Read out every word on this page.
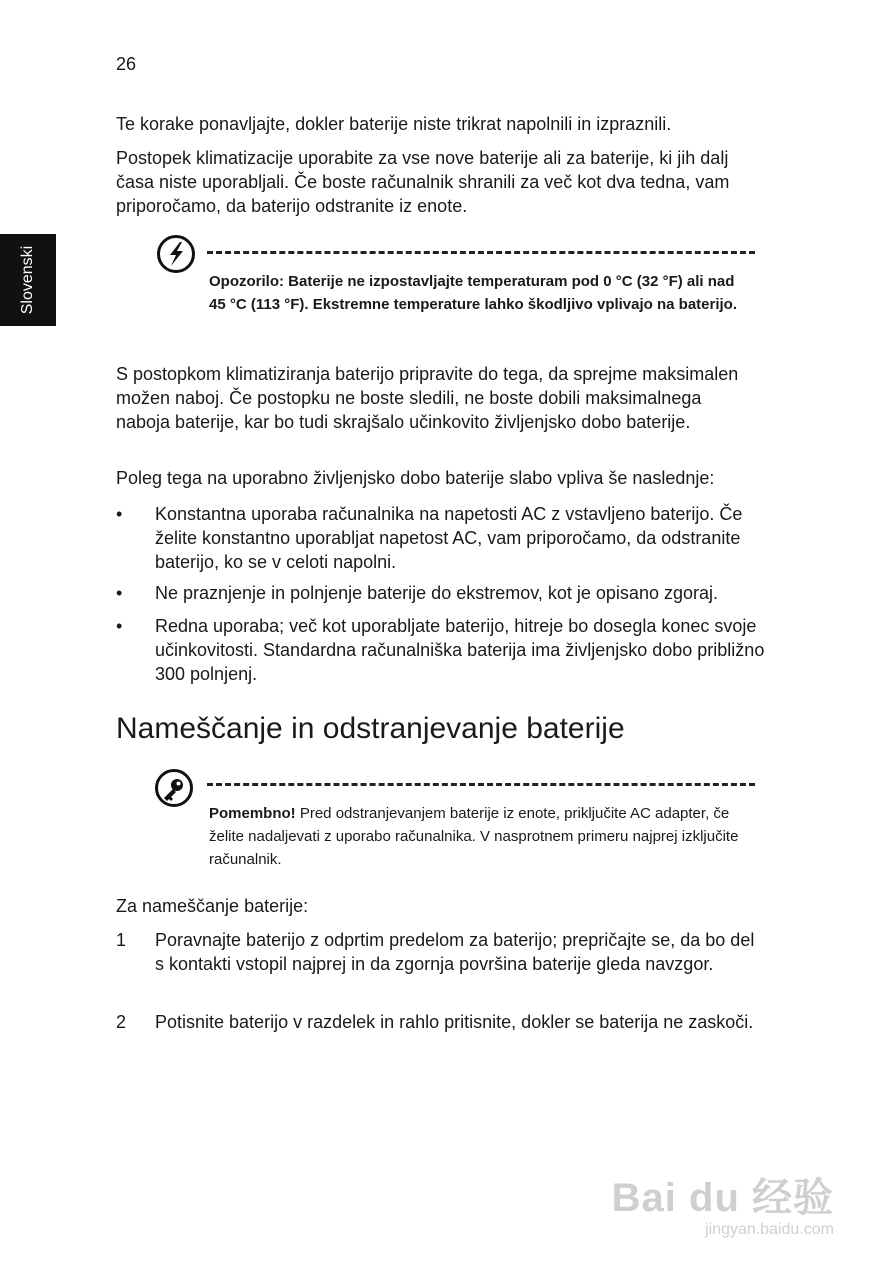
26
Slovenski

Te korake ponavljajte, dokler baterije niste trikrat napolnili in izpraznili.

Postopek klimatizacije uporabite za vse nove baterije ali za baterije, ki jih dalj časa niste uporabljali. Če boste računalnik shranili za več kot dva tedna, vam priporočamo, da baterijo odstranite iz enote.

Opozorilo: Baterije ne izpostavljajte temperaturam pod 0 °C (32 °F) ali nad 45 °C (113 °F). Ekstremne temperature lahko škodljivo vplivajo na baterijo.

S postopkom klimatiziranja baterijo pripravite do tega, da sprejme maksimalen možen naboj. Če postopku ne boste sledili, ne boste dobili maksimalnega naboja baterije, kar bo tudi skrajšalo učinkovito življenjsko dobo baterije.

Poleg tega na uporabno življenjsko dobo baterije slabo vpliva še naslednje:

• Konstantna uporaba računalnika na napetosti AC z vstavljeno baterijo. Če želite konstantno uporabljat napetost AC, vam priporočamo, da odstranite baterijo, ko se v celoti napolni.
• Ne praznjenje in polnjenje baterije do ekstremov, kot je opisano zgoraj.
• Redna uporaba; več kot uporabljate baterijo, hitreje bo dosegla konec svoje učinkovitosti. Standardna računalniška baterija ima življenjsko dobo približno 300 polnjenj.
Nameščanje in odstranjevanje baterije
Pomembno! Pred odstranjevanjem baterije iz enote, priključite AC adapter, če želite nadaljevati z uporabo računalnika. V nasprotnem primeru najprej izključite računalnik.

Za nameščanje baterije:

1 Poravnajte baterijo z odprtim predelom za baterijo; prepričajte se, da bo del s kontakti vstopil najprej in da zgornja površina baterije gleda navzgor.
2 Potisnite baterijo v razdelek in rahlo pritisnite, dokler se baterija ne zaskoči.
Bai du 经验
jingyan.baidu.com
